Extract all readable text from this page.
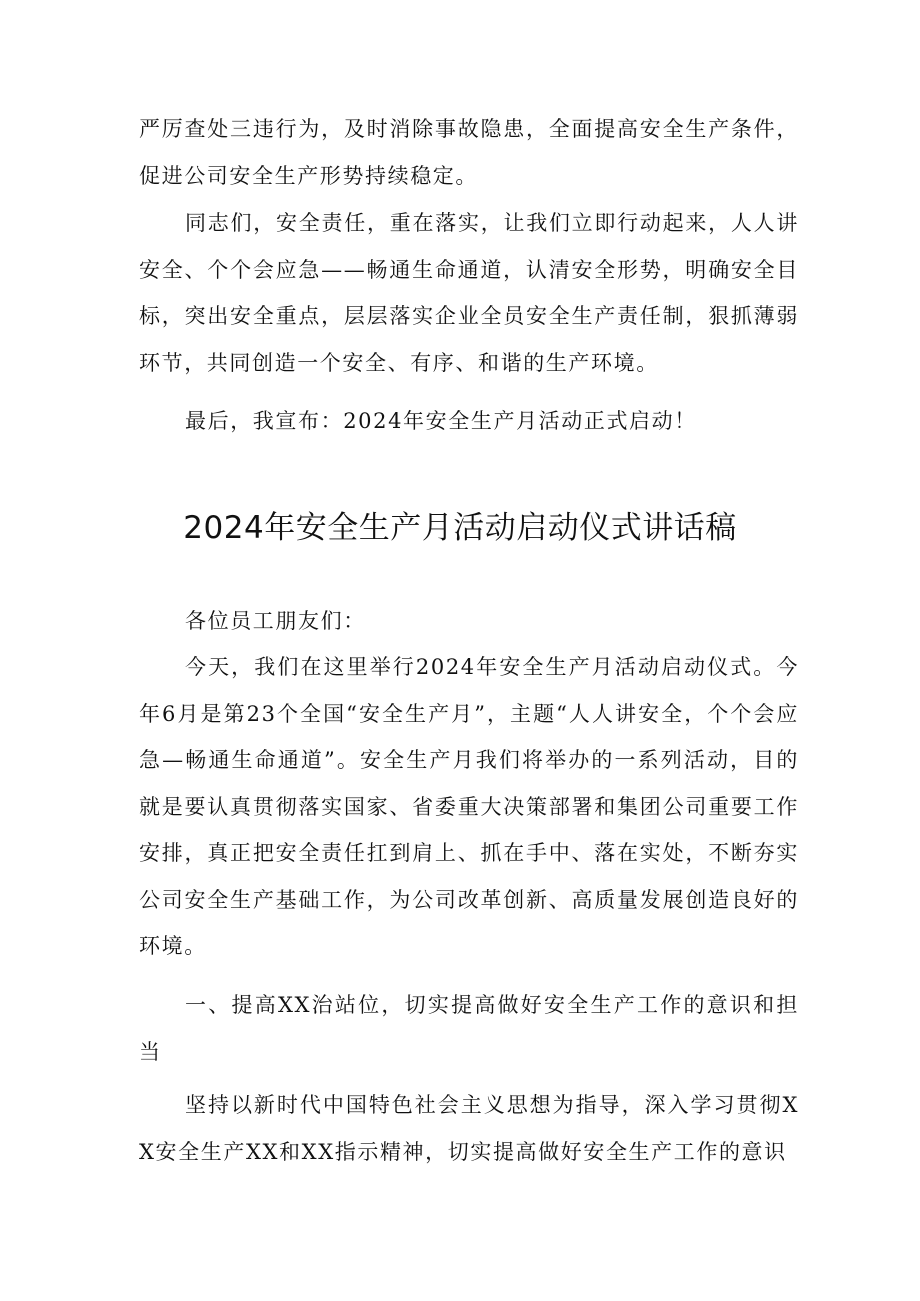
严厉查处三违行为，及时消除事故隐患，全面提高安全生产条件，促进公司安全生产形势持续稳定。

同志们，安全责任，重在落实，让我们立即行动起来，人人讲安全、个个会应急——畅通生命通道，认清安全形势，明确安全目标，突出安全重点，层层落实企业全员安全生产责任制，狠抓薄弱环节，共同创造一个安全、有序、和谐的生产环境。

最后，我宣布：2024年安全生产月活动正式启动！

2024年安全生产月活动启动仪式讲话稿

各位员工朋友们：

今天，我们在这里举行2024年安全生产月活动启动仪式。今年6月是第23个全国“安全生产月”，主题“人人讲安全，个个会应急—畅通生命通道”。安全生产月我们将举办的一系列活动，目的就是要认真贯彻落实国家、省委重大决策部署和集团公司重要工作安排，真正把安全责任扛到肩上、抓在手中、落在实处，不断夯实公司安全生产基础工作，为公司改革创新、高质量发展创造良好的环境。

一、提高XX治站位，切实提高做好安全生产工作的意识和担当

坚持以新时代中国特色社会主义思想为指导，深入学习贯彻XX安全生产XX和XX指示精神，切实提高做好安全生产工作的意识
